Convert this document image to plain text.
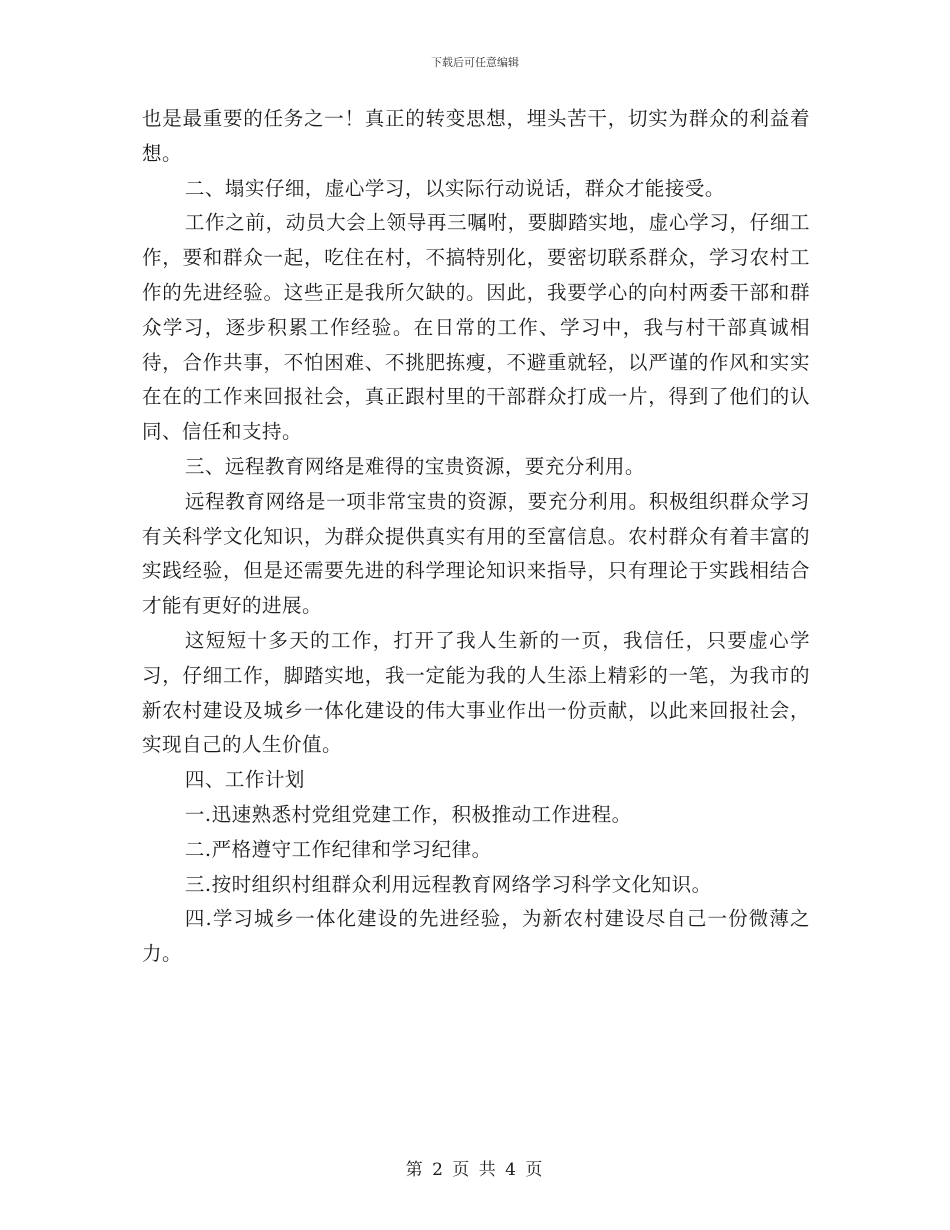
下载后可任意编辑

也是最重要的任务之一！真正的转变思想，埋头苦干，切实为群众的利益着想。

二、塌实仔细，虚心学习，以实际行动说话，群众才能接受。

工作之前，动员大会上领导再三嘱咐，要脚踏实地，虚心学习，仔细工作，要和群众一起，吃住在村，不搞特别化，要密切联系群众，学习农村工作的先进经验。这些正是我所欠缺的。因此，我要学心的向村两委干部和群众学习，逐步积累工作经验。在日常的工作、学习中，我与村干部真诚相待，合作共事，不怕困难、不挑肥拣瘦，不避重就轻，以严谨的作风和实实在在的工作来回报社会，真正跟村里的干部群众打成一片，得到了他们的认同、信任和支持。

三、远程教育网络是难得的宝贵资源，要充分利用。

远程教育网络是一项非常宝贵的资源，要充分利用。积极组织群众学习有关科学文化知识，为群众提供真实有用的至富信息。农村群众有着丰富的实践经验，但是还需要先进的科学理论知识来指导，只有理论于实践相结合才能有更好的进展。

这短短十多天的工作，打开了我人生新的一页，我信任，只要虚心学习，仔细工作，脚踏实地，我一定能为我的人生添上精彩的一笔，为我市的新农村建设及城乡一体化建设的伟大事业作出一份贡献，以此来回报社会，实现自己的人生价值。

四、工作计划

一.迅速熟悉村党组党建工作，积极推动工作进程。

二.严格遵守工作纪律和学习纪律。

三.按时组织村组群众利用远程教育网络学习科学文化知识。

四.学习城乡一体化建设的先进经验，为新农村建设尽自己一份微薄之力。

第 2 页 共 4 页
